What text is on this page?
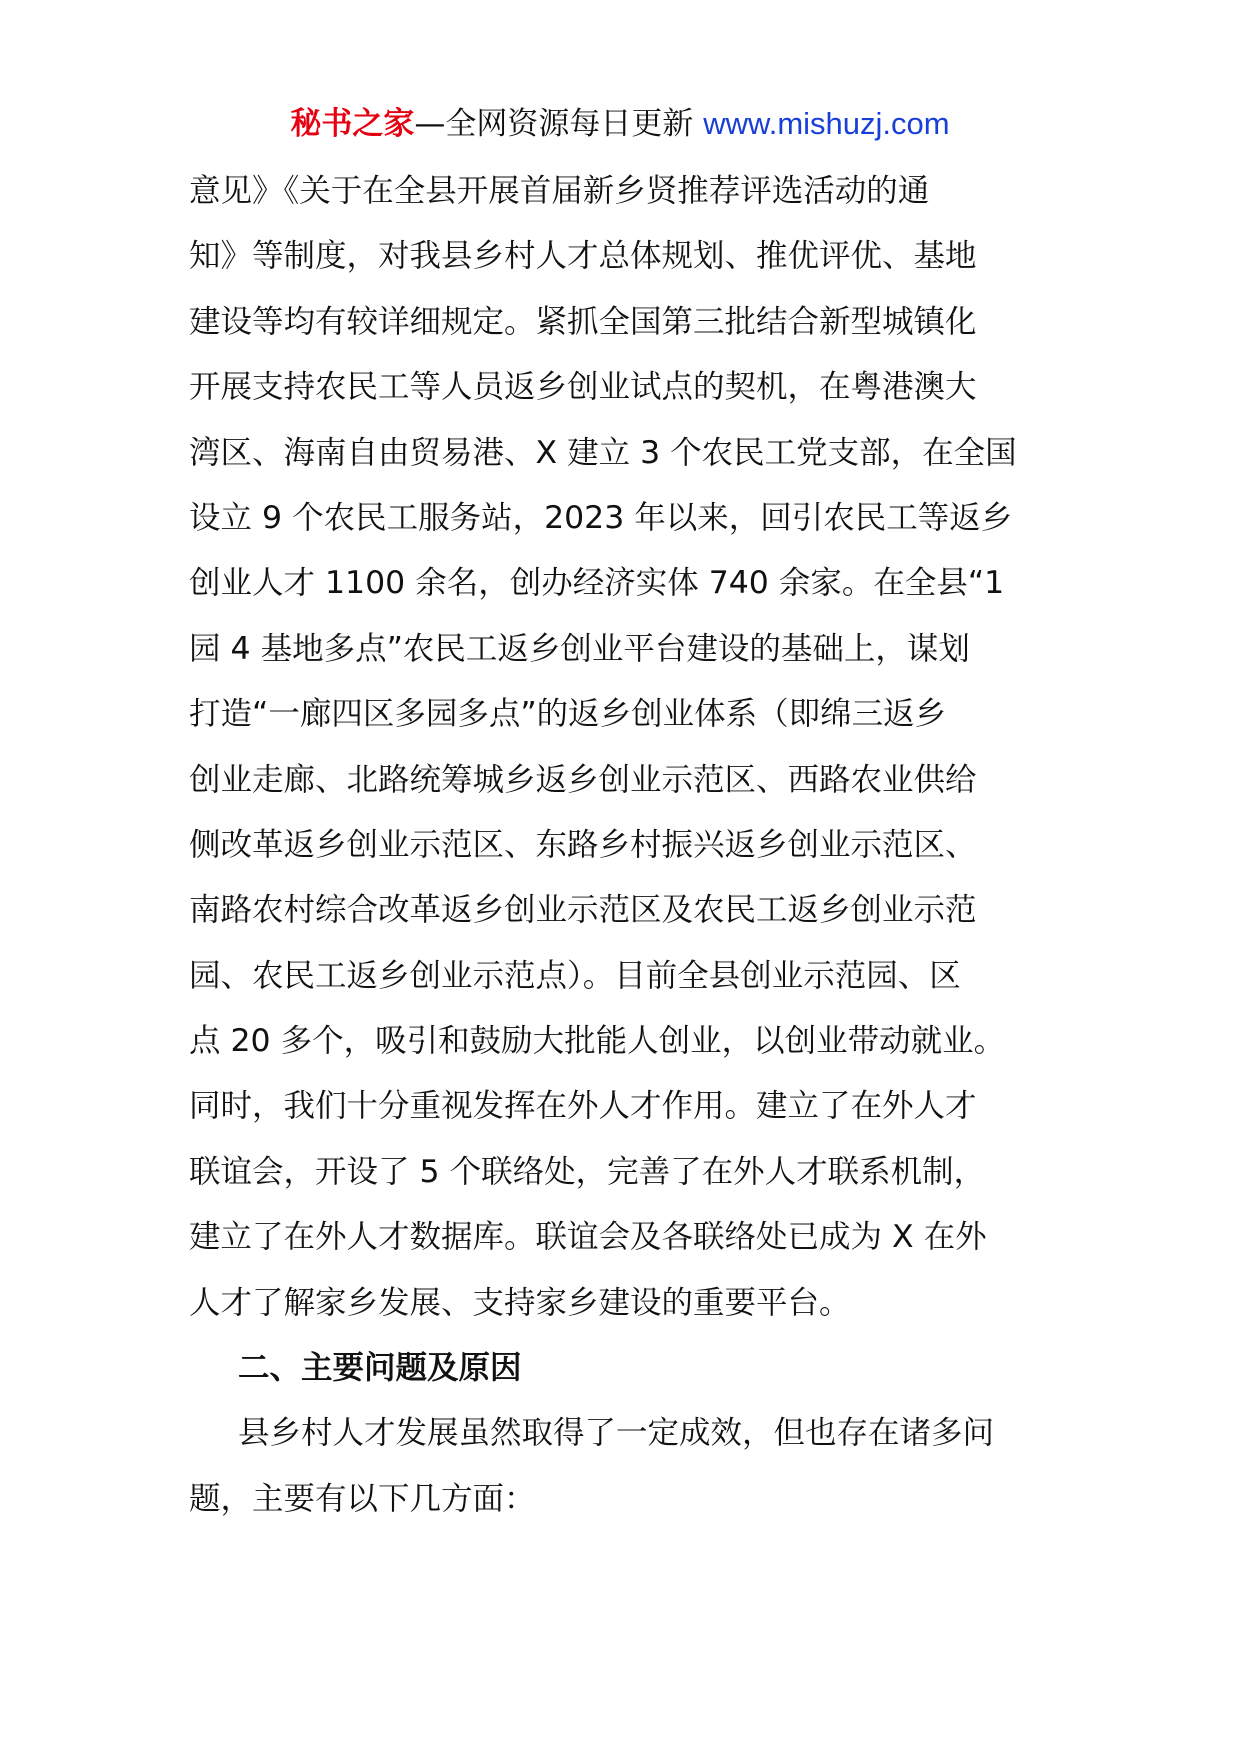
秘书之家—全网资源每日更新 www.mishuzj.com
意见》《关于在全县开展首届新乡贤推荐评选活动的通
知》等制度，对我县乡村人才总体规划、推优评优、基地
建设等均有较详细规定。紧抓全国第三批结合新型城镇化
开展支持农民工等人员返乡创业试点的契机，在粤港澳大
湾区、海南自由贸易港、X 建立 3 个农民工党支部，在全国
设立 9 个农民工服务站，2023 年以来，回引农民工等返乡
创业人才 1100 余名，创办经济实体 740 余家。在全县“1
园 4 基地多点”农民工返乡创业平台建设的基础上，谋划
打造“一廊四区多园多点”的返乡创业体系（即绵三返乡
创业走廊、北路统筹城乡返乡创业示范区、西路农业供给
侧改革返乡创业示范区、东路乡村振兴返乡创业示范区、
南路农村综合改革返乡创业示范区及农民工返乡创业示范
园、农民工返乡创业示范点）。目前全县创业示范园、区
点 20 多个，吸引和鼓励大批能人创业，以创业带动就业。
同时，我们十分重视发挥在外人才作用。建立了在外人才
联谊会，开设了 5 个联络处，完善了在外人才联系机制，
建立了在外人才数据库。联谊会及各联络处已成为 X 在外
人才了解家乡发展、支持家乡建设的重要平台。
二、主要问题及原因
县乡村人才发展虽然取得了一定成效，但也存在诸多问
题，主要有以下几方面：
